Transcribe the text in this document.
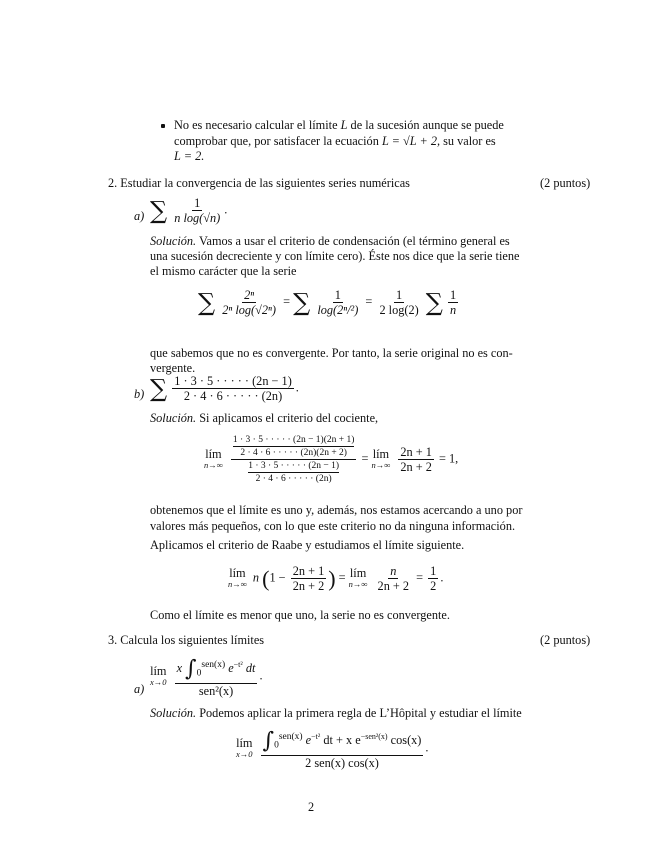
No es necesario calcular el límite L de la sucesión aunque se puede
comprobar que, por satisfacer la ecuación L = √L + 2, su valor es
L = 2.
2. Estudiar la convergencia de las siguientes series numéricas	(2 puntos)
a) ∑ $\frac{1}{\text{n log(√n)}}$ .
Solución. Vamos a usar el criterio de condensación (el término general es
una sucesión decreciente y con límite cero). Éste nos dice que la serie tiene
el mismo carácter que la serie
∑ $\frac{\text{2ⁿ}}{\text{2ⁿ log(√2ⁿ)}}$ = ∑ $\frac{1}{\text{log(2ⁿ/²)}} = \frac{1}{2 \log(2)}$ ∑ $\frac{1}{n}$
que sabemos que no es convergente. Por tanto, la serie original no es con-
vergente.
b) ∑ $\frac{1 \cdot 3 \cdot 5 \cdot \cdot \cdot \cdot \cdot (2n - 1)}{2 \cdot 4 \cdot 6 \cdot \cdot \cdot \cdot \cdot (2n)}$ .
Solución. Si aplicamos el criterio del cociente,
lím
n→∞

1 · 3 · 5 · · · · · (2n − 1)(2n + 1)
2 · 4 · 6 · · · · · (2n)(2n + 2)
1 · 3 · 5 · · · · · (2n − 1)
2 · 4 · 6 · · · · · (2n)
= lím
n→∞
$\frac{2n + 1}{2n + 2} = 1$,
obtenemos que el límite es uno y, además, nos estamos acercando a uno por
valores más pequeños, con lo que este criterio no da ninguna información.
Aplicamos el criterio de Raabe y estudiamos el límite siguiente.
lím
n→∞ n ($1 - \frac{2n + 1}{2n + 2}$ ) = lím
n→∞
$\frac{n}{2n + 2} = \frac{1}{2}$ .
Como el límite es menor que uno, la serie no es convergente.
3. Calcula los siguientes límites	(2 puntos)
a)
lím
x→0
$\frac{x \int_0^{sen(x)} e^{-t^2} dt}{\text{sen²(x)}}$ .
Solución. Podemos aplicar la primera regla de L’Hôpital y estudiar el límite
lím
x→0
$\frac{\int_0^{sen(x)} e^{-t^2} dt + x e^{-sen^2(x)} \cos(x)}{\text{2 sen(x) cos(x)}}$ .
2
